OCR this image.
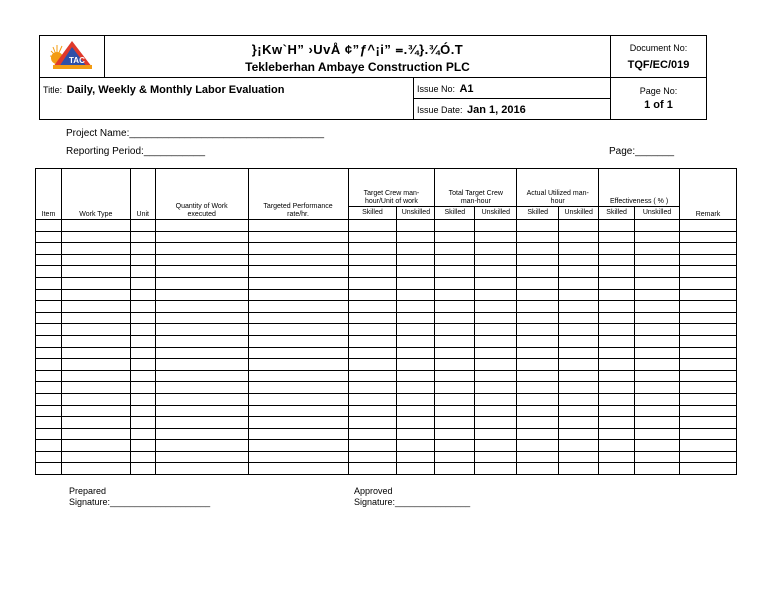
TAC	}¡Kw`H” ›UvÅ ¢”ƒ^¡i” ᐀.¾}.¾Ó.T
Tekleberhan Ambaye Construction PLC		Document No:
TQF/EC/019

Title: Daily, Weekly & Monthly Labor Evaluation		Issue No: A1	Page No:
1 of 1

		Issue Date: Jan 1, 2016	
Project Name:___________________________________
Reporting Period:___________	Page:_______
Item	Work Type	Unit	Quantity of Work executed	Targeted Performance rate/hr.	Target Crew man-hour/Unit of work		Total Target Crew man-hour		Actual Utilized man-hour		Effectiveness ( % )		Remark
					Skilled	Unskilled	Skilled	Unskilled	Skilled	Unskilled	Skilled	Unskilled	

Prepared
Signature:____________________
Approved
Signature:_______________
